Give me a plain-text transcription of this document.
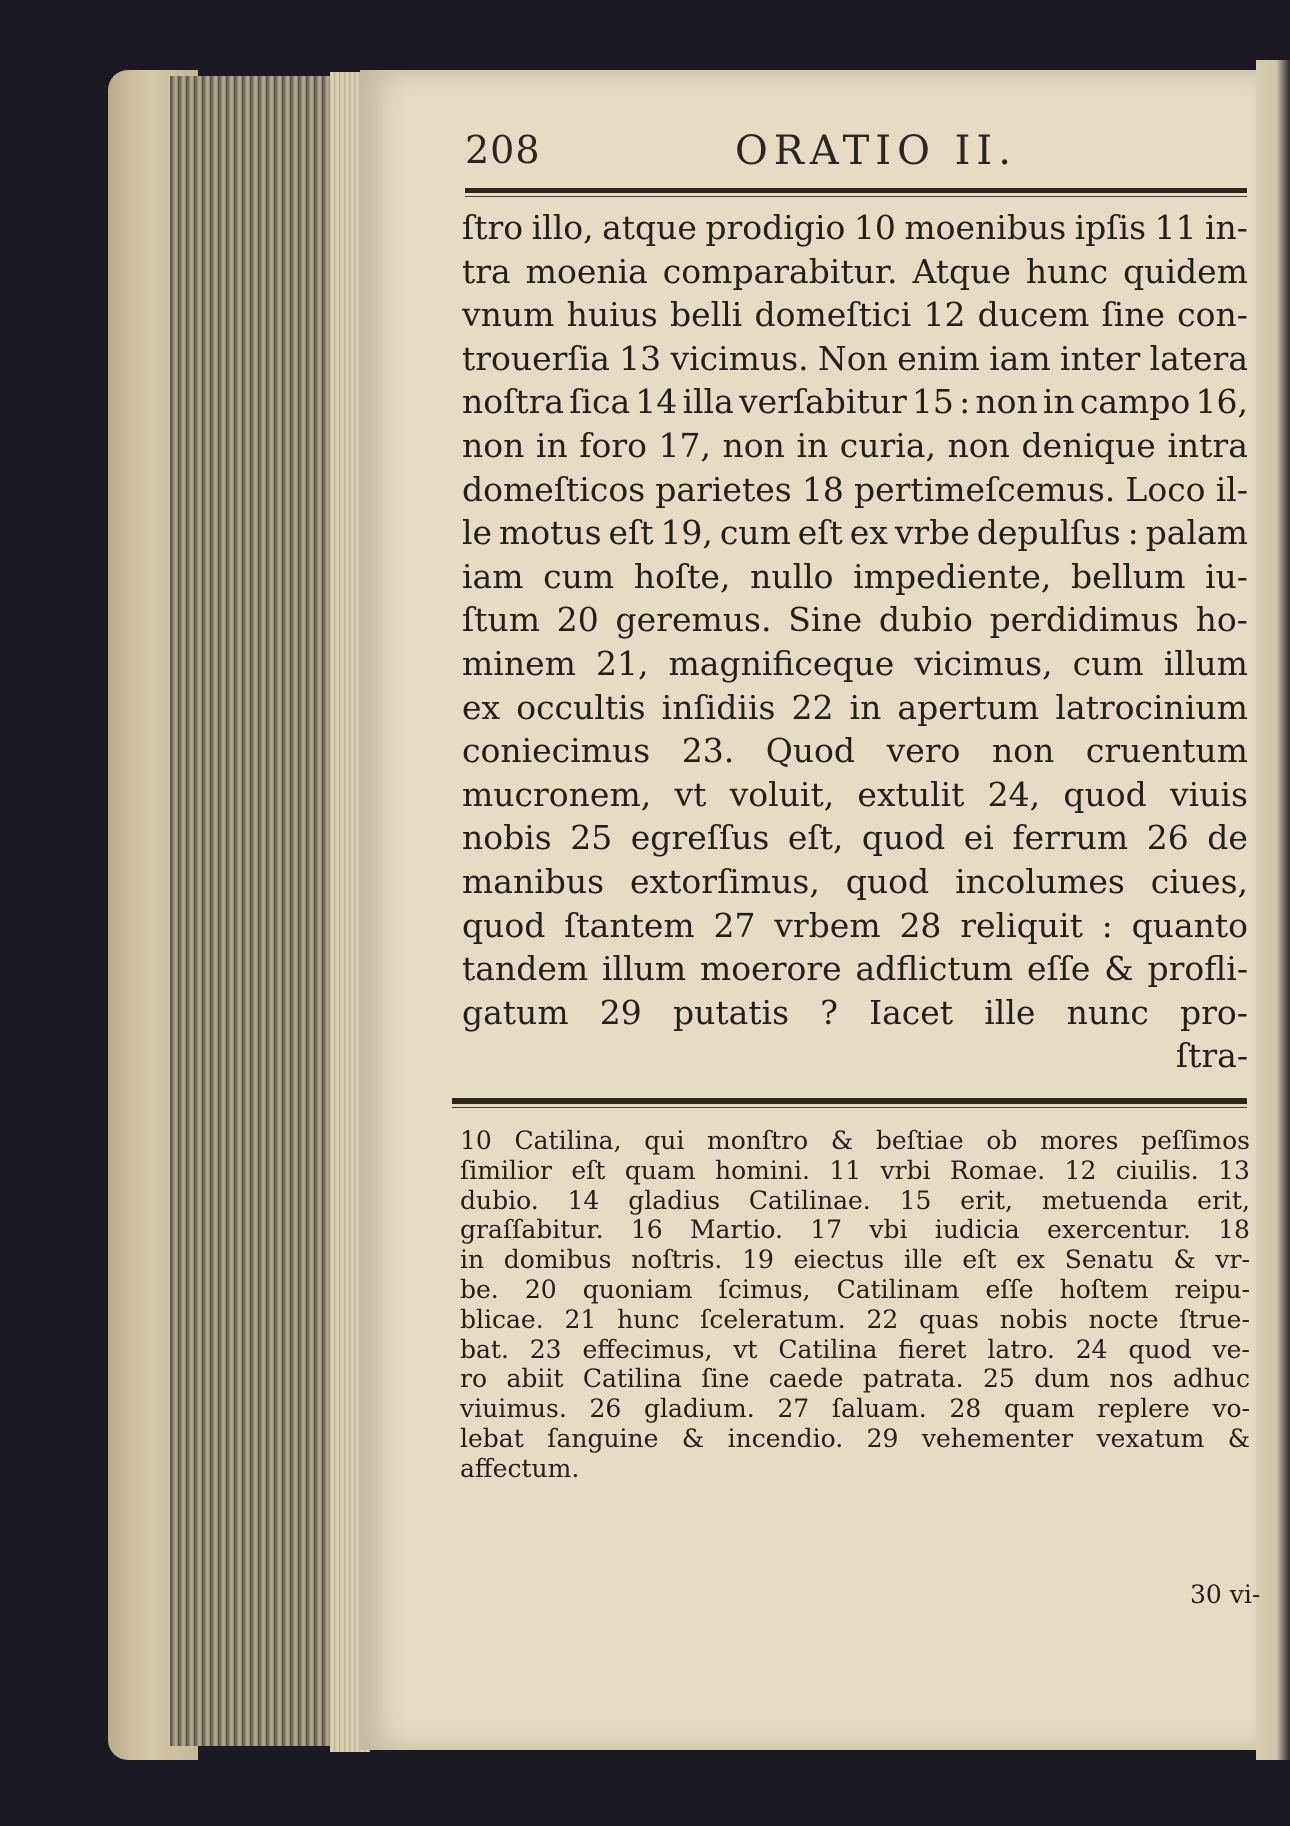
208	ORATIO II.
ſtro illo, atque prodigio 10 moenibus ipſis 11 in-
tra moenia comparabitur. Atque hunc quidem
vnum huius belli domeſtici 12 ducem ſine con-
trouerſia 13 vicimus. Non enim iam inter latera
noſtra ſica 14 illa verſabitur 15 : non in campo 16,
non in foro 17, non in curia, non denique intra
domeſticos parietes 18 pertimeſcemus. Loco il-
le motus eſt 19, cum eſt ex vrbe depulſus : palam
iam cum hoſte, nullo impediente, bellum iu-
ſtum 20 geremus. Sine dubio perdidimus ho-
minem 21, magnificeque vicimus, cum illum
ex occultis inſidiis 22 in apertum latrocinium
coniecimus 23. Quod vero non cruentum
mucronem, vt voluit, extulit 24, quod viuis
nobis 25 egreſſus eſt, quod ei ferrum 26 de
manibus extorſimus, quod incolumes ciues,
quod ſtantem 27 vrbem 28 reliquit : quanto
tandem illum moerore adflictum eſſe & profli-
gatum 29 putatis ? Iacet ille nunc pro-
ſtra-
10 Catilina, qui monſtro & beſtiae ob mores peſſimos
ſimilior eſt quam homini. 11 vrbi Romae. 12 ciuilis. 13
dubio. 14 gladius Catilinae. 15 erit, metuenda erit,
graſſabitur. 16 Martio. 17 vbi iudicia exercentur. 18
in domibus noſtris. 19 eiectus ille eſt ex Senatu & vr-
be. 20 quoniam ſcimus, Catilinam eſſe hoſtem reipu-
blicae. 21 hunc ſceleratum. 22 quas nobis nocte ſtrue-
bat. 23 effecimus, vt Catilina fieret latro. 24 quod ve-
ro abiit Catilina ſine caede patrata. 25 dum nos adhuc
viuimus. 26 gladium. 27 ſaluam. 28 quam replere vo-
lebat ſanguine & incendio. 29 vehementer vexatum &
affectum.
30 vi-
